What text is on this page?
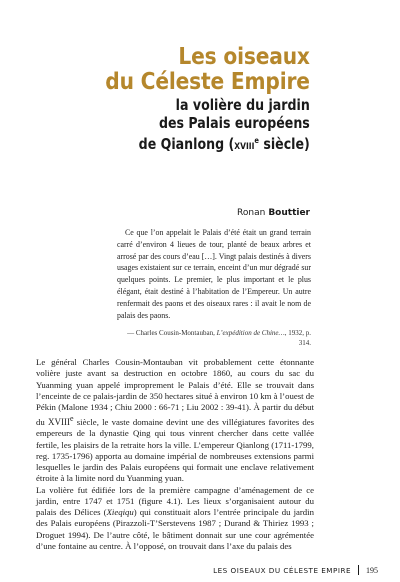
Les oiseaux
du Céleste Empire
la volière du jardin
des Palais européens
de Qianlong (xviii$^e$ siècle)
Ronan Bouttier

Ce que l’on appelait le Palais d’été était un grand terrain carré d’environ 4 lieues de tour, planté de beaux arbres et arrosé par des cours d’eau […]. Vingt palais destinés à divers usages existaient sur ce terrain, enceint d’un mur dégradé sur quelques points. Le premier, le plus important et le plus élégant, était destiné à l’habitation de l’Empereur. Un autre renfermait des paons et des oiseaux rares : il avait le nom de palais des paons.

— Charles Cousin-Montauban, L’expédition de Chine…, 1932, p. 314.

Le général Charles Cousin-Montauban vit probablement cette étonnante volière juste avant sa destruction en octobre 1860, au cours du sac du Yuanming yuan appelé improprement le Palais d’été. Elle se trouvait dans l’enceinte de ce palais-jardin de 350 hectares situé à environ 10 km à l’ouest de Pékin (Malone 1934 ; Chiu 2000 : 66-71 ; Liu 2002 : 39-41). À partir du début du xviiie siècle, le vaste domaine devint une des villégiatures favorites des empereurs de la dynastie Qing qui tous vinrent chercher dans cette vallée fertile, les plaisirs de la retraite hors la ville. L’empereur Qianlong (1711-1799, reg. 1735-1796) apporta au domaine impérial de nombreuses extensions parmi lesquelles le jardin des Palais européens qui formait une enclave relativement étroite à la limite nord du Yuanming yuan.

La volière fut édifiée lors de la première campagne d’aménagement de ce jardin, entre 1747 et 1751 (figure 4.1). Les lieux s’organisaient autour du palais des Délices (Xieqiqu) qui constituait alors l’entrée principale du jardin des Palais européens (Pirazzoli-T’Serstevens 1987 ; Durand & Thiriez 1993 ; Droguet 1994). De l’autre côté, le bâtiment donnait sur une cour agrémentée d’une fontaine au centre. À l’opposé, on trouvait dans l’axe du palais des

LES OISEAUX DU CÉLESTE EMPIRE 195
